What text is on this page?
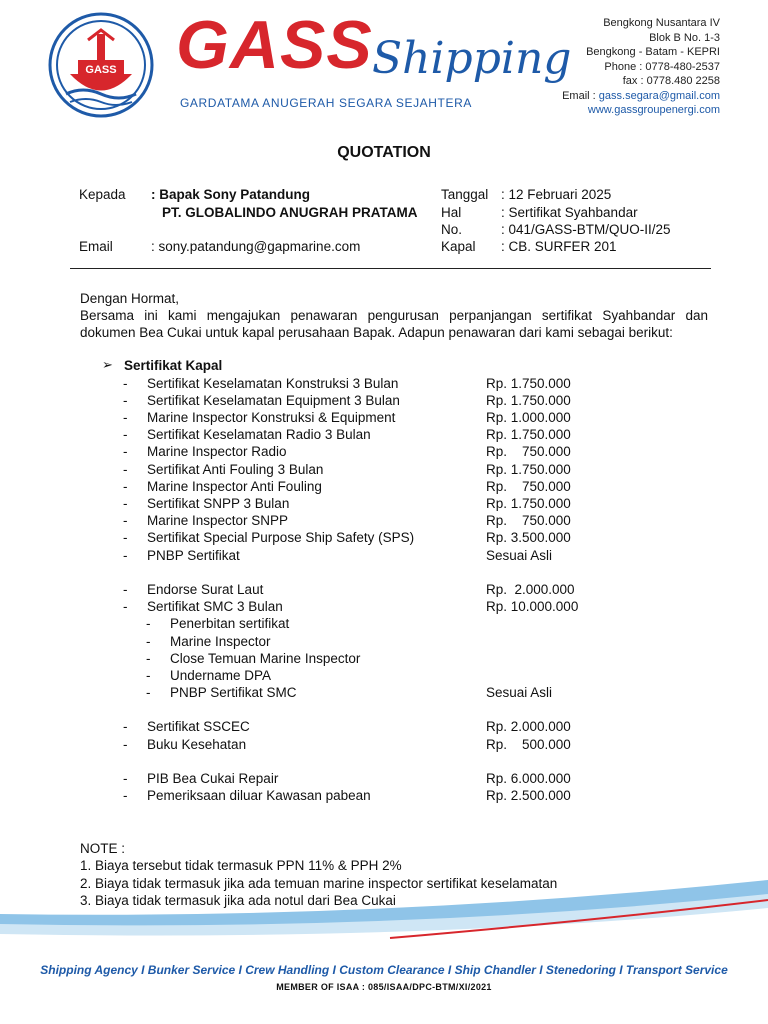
GASS GASS Shipping
GARDATAMA ANUGERAH SEGARA SEJAHTERA
Bengkong Nusantara IV
Blok B No. 1-3
Bengkong - Batam - KEPRI
Phone : 0778-480-2537
fax : 0778.480 2258
Email : gass.segara@gmail.com
www.gassgroupenergi.com
QUOTATION
Kepada : Bapak Sony Patandung
PT. GLOBALINDO ANUGRAH PRATAMA
Email	: sony.patandung@gapmarine.com
Tanggal : 12 Februari 2025
Hal	: Sertifikat Syahbandar
No.	: 041/GASS-BTM/QUO-II/25
Kapal : CB. SURFER 201
Dengan Hormat,
Bersama ini kami mengajukan penawaran pengurusan perpanjangan sertifikat Syahbandar dan dokumen Bea Cukai untuk kapal perusahaan Bapak. Adapun penawaran dari kami sebagai berikut:
➢ Sertifikat Kapal
- Sertifikat Keselamatan Konstruksi 3 Bulan	Rp. 1.750.000
- Sertifikat Keselamatan Equipment 3 Bulan	Rp. 1.750.000
- Marine Inspector Konstruksi & Equipment	Rp. 1.000.000
- Sertifikat Keselamatan Radio 3 Bulan	Rp. 1.750.000
- Marine Inspector Radio	Rp.    750.000
- Sertifikat Anti Fouling 3 Bulan	Rp. 1.750.000
- Marine Inspector Anti Fouling	Rp.    750.000
- Sertifikat SNPP 3 Bulan	Rp. 1.750.000
- Marine Inspector SNPP	Rp.    750.000
- Sertifikat Special Purpose Ship Safety (SPS)	Rp. 3.500.000
- PNBP Sertifikat	Sesuai Asli
- Endorse Surat Laut	Rp.  2.000.000
- Sertifikat SMC 3 Bulan	Rp. 10.000.000
- Penerbitan sertifikat
- Marine Inspector
- Close Temuan Marine Inspector
- Undername DPA
- PNBP Sertifikat SMC	Sesuai Asli
- Sertifikat SSCEC	Rp. 2.000.000
- Buku Kesehatan	Rp.    500.000
- PIB Bea Cukai Repair	Rp. 6.000.000
- Pemeriksaan diluar Kawasan pabean	Rp. 2.500.000
NOTE :
1. Biaya tersebut tidak termasuk PPN 11% & PPH 2%
2. Biaya tidak termasuk jika ada temuan marine inspector sertifikat keselamatan
3. Biaya tidak termasuk jika ada notul dari Bea Cukai
Shipping Agency I Bunker Service I Crew Handling I Custom Clearance I Ship Chandler I Stenedoring I Transport Service
MEMBER OF ISAA : 085/ISAA/DPC-BTM/XI/2021
